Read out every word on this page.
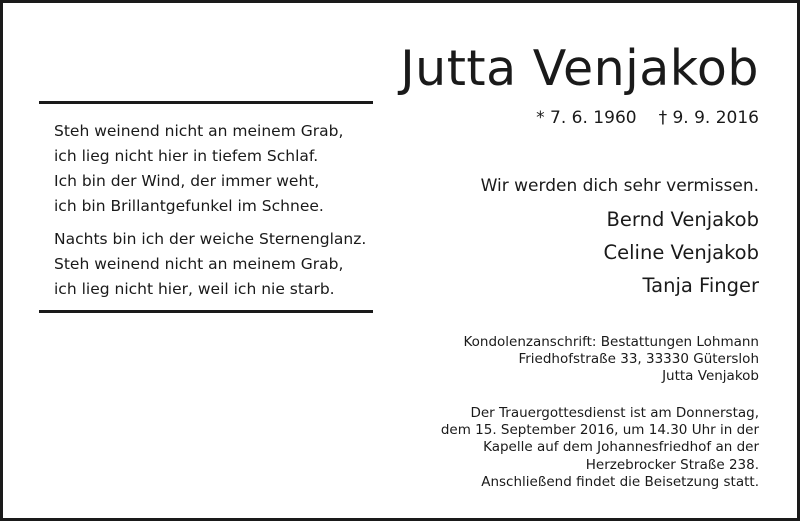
Jutta Venjakob
* 7. 6. 1960 † 9. 9. 2016
Steh weinend nicht an meinem Grab,
ich lieg nicht hier in tiefem Schlaf.
Ich bin der Wind, der immer weht,
ich bin Brillantgefunkel im Schnee.
Nachts bin ich der weiche Sternenglanz.
Steh weinend nicht an meinem Grab,
ich lieg nicht hier, weil ich nie starb.
Wir werden dich sehr vermissen.
Bernd Venjakob
Celine Venjakob
Tanja Finger
Kondolenzanschrift: Bestattungen Lohmann
Friedhofstraße 33, 33330 Gütersloh
Jutta Venjakob
Der Trauergottesdienst ist am Donnerstag,
dem 15. September 2016, um 14.30 Uhr in der
Kapelle auf dem Johannesfriedhof an der
Herzebrocker Straße 238.
Anschließend findet die Beisetzung statt.
